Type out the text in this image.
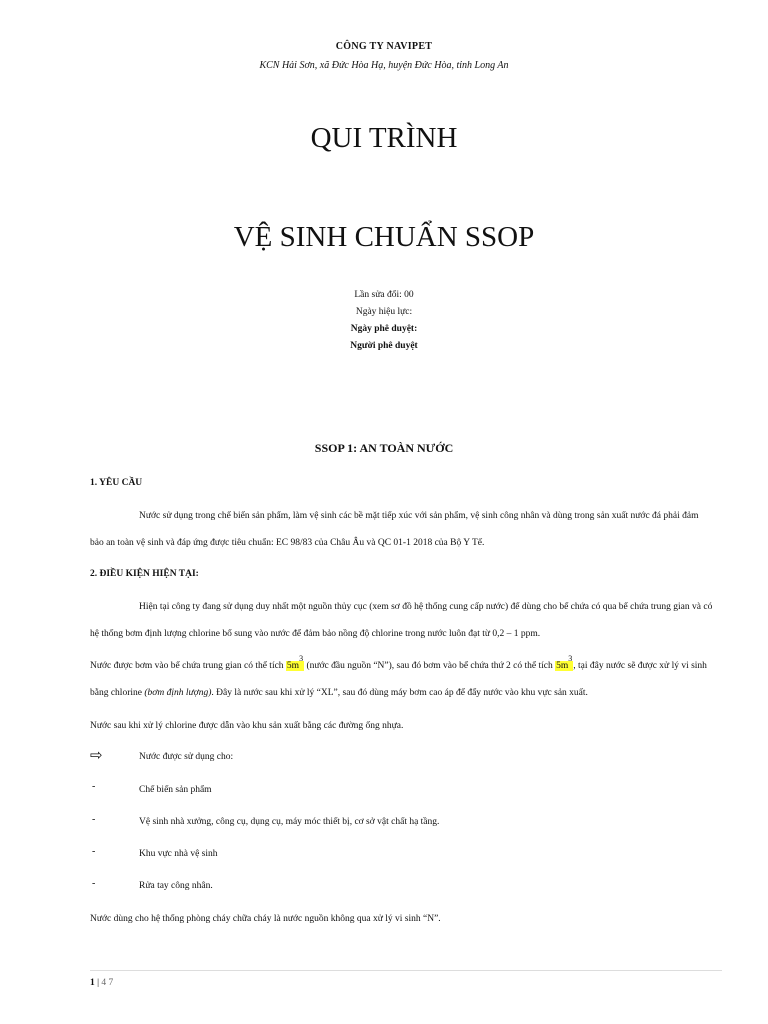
CÔNG TY NAVIPET
KCN Hải Sơn, xã Đức Hòa Hạ, huyện Đức Hòa, tỉnh Long An
QUI TRÌNH
VỆ SINH CHUẨN SSOP
Lần sửa đổi: 00
Ngày hiệu lực:
Ngày phê duyệt:
Người phê duyệt
SSOP 1: AN TOÀN NƯỚC
1. YÊU CẦU
Nước sử dụng trong chế biến sản phẩm, làm vệ sinh các bề mặt tiếp xúc với sản phẩm, vệ sinh công nhân và dùng trong sản xuất nước đá phải đảm
bảo an toàn vệ sinh và đáp ứng được tiêu chuẩn: EC 98/83 của Châu Âu và QC 01-1 2018 của Bộ Y Tế.
2. ĐIỀU KIỆN HIỆN TẠI:
Hiện tại công ty đang sử dụng duy nhất một nguồn thủy cục (xem sơ đồ hệ thống cung cấp nước) để dùng cho bể chứa có qua bể chứa trung gian và có
hệ thống bơm định lượng chlorine bổ sung vào nước để đảm bảo nồng độ chlorine trong nước luôn đạt từ 0,2 – 1 ppm.
Nước được bơm vào bể chứa trung gian có thể tích $5m^3$ (nước đầu nguồn “N”), sau đó bơm vào bể chứa thứ 2 có thể tích $5m^3$, tại đây nước sẽ được xử lý vi sinh
bằng chlorine (bơm định lượng). Đây là nước sau khi xử lý “XL”, sau đó dùng máy bơm cao áp để đẩy nước vào khu vực sản xuất.
Nước sau khi xử lý chlorine được dẫn vào khu sản xuất bằng các đường ống nhựa.
⇨	Nước được sử dụng cho:
-	Chế biến sản phẩm
-	Vệ sinh nhà xưởng, công cụ, dụng cụ, máy móc thiết bị, cơ sở vật chất hạ tầng.
-	Khu vực nhà vệ sinh
-	Rửa tay công nhân.
Nước dùng cho hệ thống phòng cháy chữa cháy là nước nguồn không qua xử lý vi sinh “N”.
1 | 4 7
